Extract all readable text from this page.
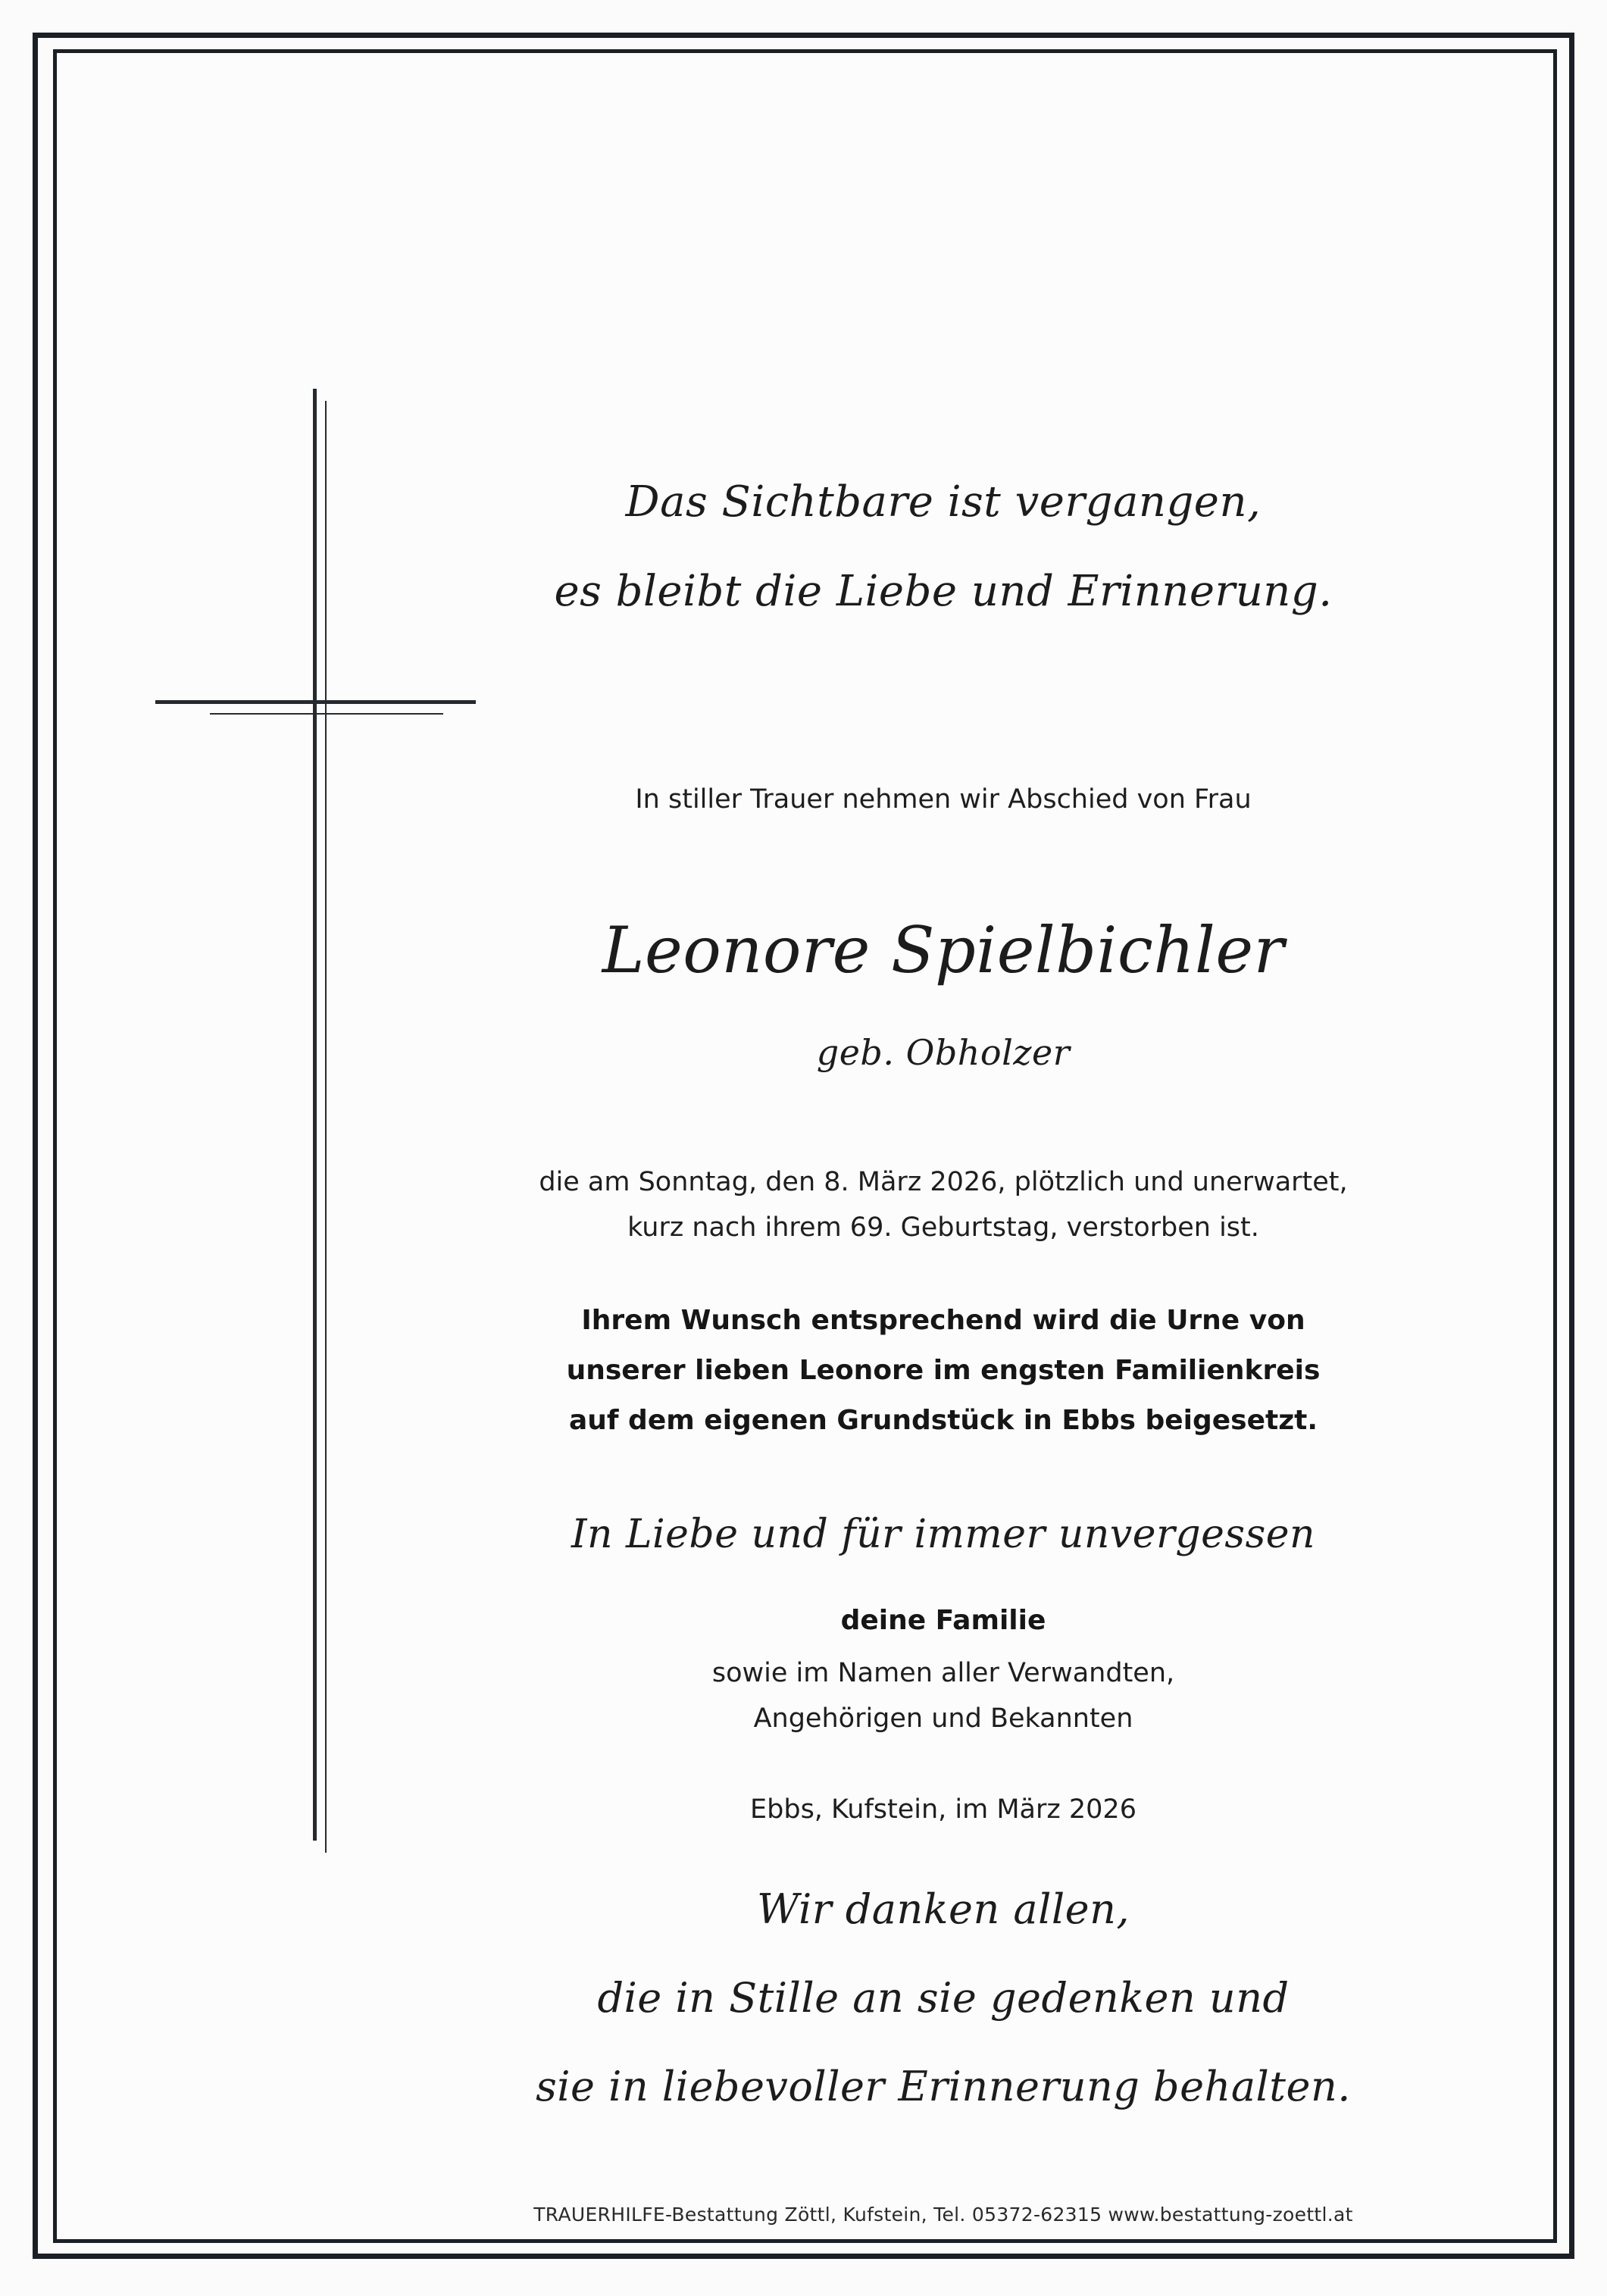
Das Sichtbare ist vergangen,
es bleibt die Liebe und Erinnerung.
In stiller Trauer nehmen wir Abschied von Frau
Leonore Spielbichler
geb. Obholzer
die am Sonntag, den 8. März 2026, plötzlich und unerwartet,
kurz nach ihrem 69. Geburtstag, verstorben ist.
Ihrem Wunsch entsprechend wird die Urne von
unserer lieben Leonore im engsten Familienkreis
auf dem eigenen Grundstück in Ebbs beigesetzt.
In Liebe und für immer unvergessen
deine Familie
sowie im Namen aller Verwandten,
Angehörigen und Bekannten
Ebbs, Kufstein, im März 2026
Wir danken allen,
die in Stille an sie gedenken und
sie in liebevoller Erinnerung behalten.
TRAUERHILFE-Bestattung Zöttl, Kufstein, Tel. 05372-62315 www.bestattung-zoettl.at
